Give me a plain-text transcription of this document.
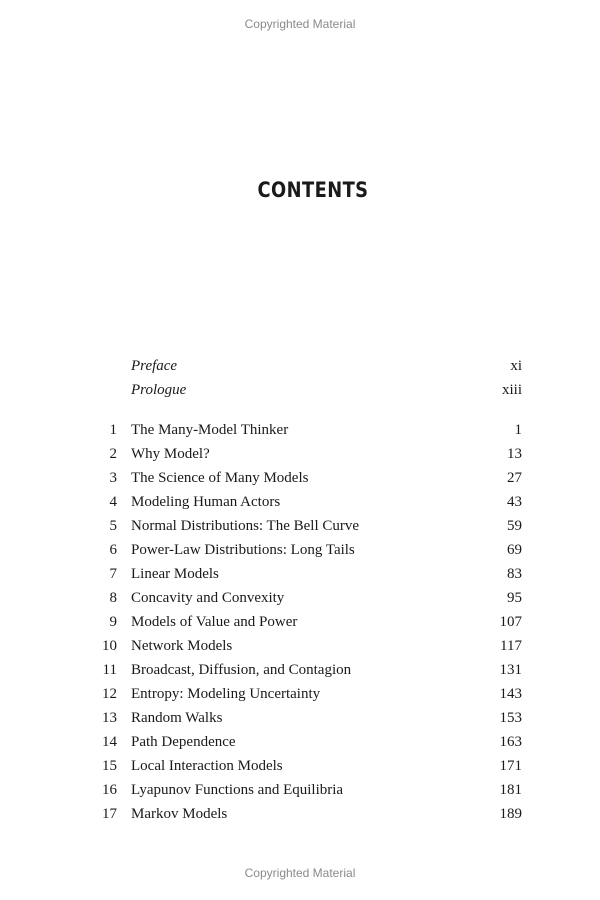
Copyrighted Material
CONTENTS
Preface	xi
Prologue	xiii
1 The Many-Model Thinker	1
2 Why Model?	13
3 The Science of Many Models	27
4 Modeling Human Actors	43
5 Normal Distributions: The Bell Curve	59
6 Power-Law Distributions: Long Tails	69
7 Linear Models	83
8 Concavity and Convexity	95
9 Models of Value and Power	107
10 Network Models	117
11 Broadcast, Diffusion, and Contagion	131
12 Entropy: Modeling Uncertainty	143
13 Random Walks	153
14 Path Dependence	163
15 Local Interaction Models	171
16 Lyapunov Functions and Equilibria	181
17 Markov Models	189
Copyrighted Material
